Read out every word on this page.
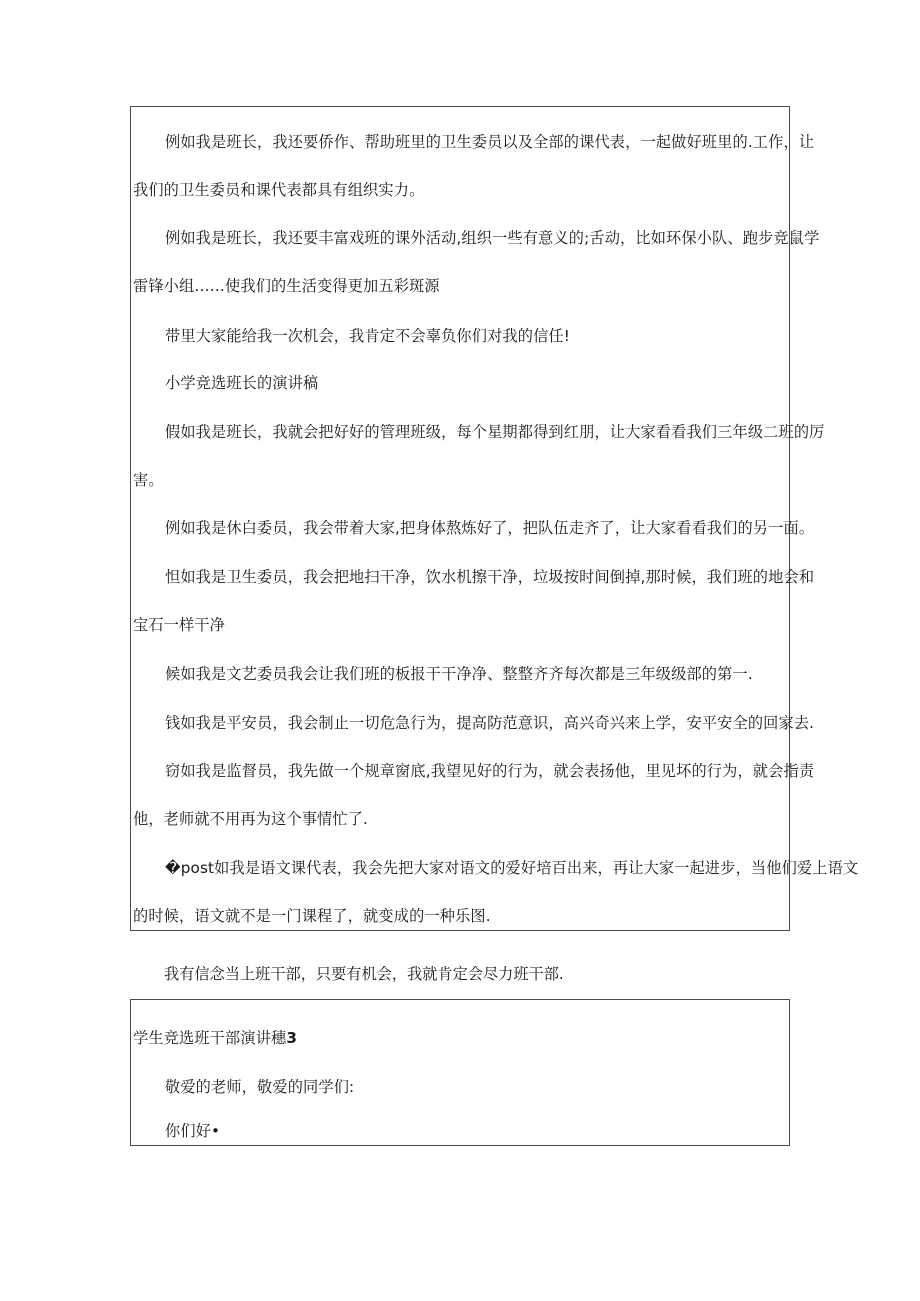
例如我是班长，我还要侨作、帮助班里的卫生委员以及全部的课代表，一起做好班里的.工作，让
我们的卫生委员和课代表都具有组织实力。
例如我是班长，我还要丰富戏班的课外活动,组织一些有意义的;舌动，比如环保小队、跑步竞鼠学
雷锋小组……使我们的生活变得更加五彩斑源
带里大家能给我一次机会，我肯定不会辜负你们对我的信任!
小学竞选班长的演讲稿
假如我是班长，我就会把好好的管理班级，每个星期都得到红朋，让大家看看我们三年级二班的厉
害。
例如我是休白委员，我会带着大家,把身体熬炼好了，把队伍走齐了，让大家看看我们的另一面。
怛如我是卫生委员，我会把地扫干净，饮水机擦干净，垃圾按时间倒掉,那时候，我们班的地会和
宝石一样干净
候如我是文艺委员我会让我们班的板报干干净净、整整齐齐每次都是三年级级部的第一.
钱如我是平安员，我会制止一切危急行为，提高防范意识，高兴奇兴来上学，安平安全的回家去.
窃如我是监督员，我先做一个规章窗底,我望见好的行为，就会表扬他，里见坏的行为，就会指责
他，老师就不用再为这个事情忙了.
�post如我是语文课代表，我会先把大家对语文的爱好培百出来，再让大家一起进步，当他们爱上语文
的时候，语文就不是一门课程了，就变成的一种乐图.
我有信念当上班干部，只要有机会，我就肯定会尽力班干部.
学生竞选班干部演讲穗3
敬爱的老师，敬爱的同学们:
你们好•
